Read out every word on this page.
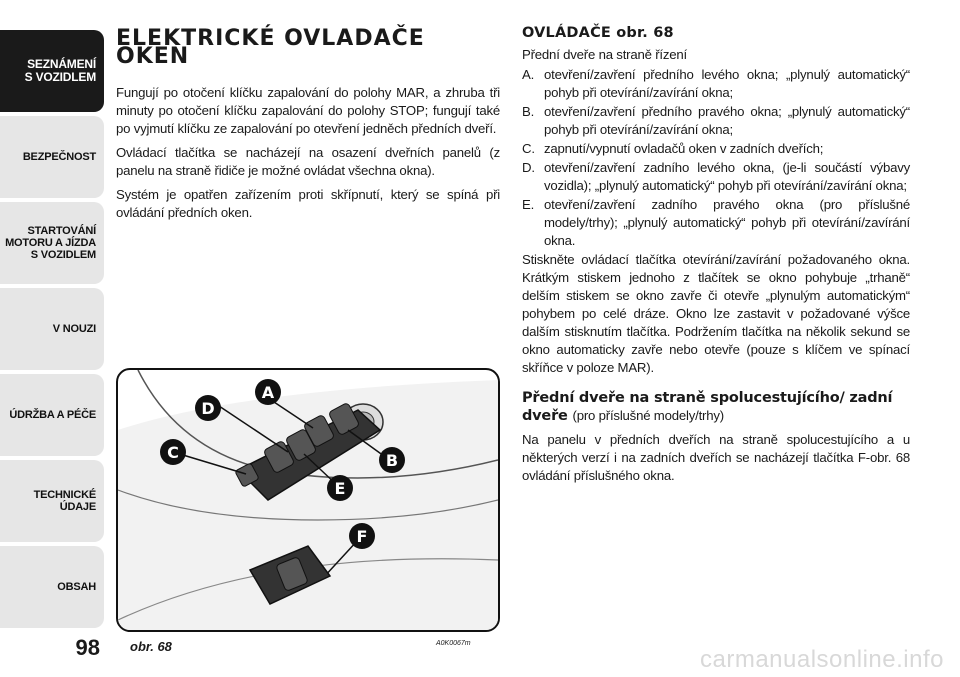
SEZNÁMENÍ
S VOZIDLEM
BEZPEČNOST
STARTOVÁNÍ
MOTORU A JÍZDA
S VOZIDLEM
V NOUZI
ÚDRŽBA A PÉČE
TECHNICKÉ
ÚDAJE
OBSAH
98
ELEKTRICKÉ OVLADAČE OKEN

Fungují po otočení klíčku zapalování do polohy MAR, a zhruba tři minuty po otočení klíčku zapalování do polohy STOP; fungují také po vyjmutí klíčku ze zapalování po otevření jedněch předních dveří.

Ovládací tlačítka se nacházejí na osazení dveřních panelů (z panelu na straně řidiče je možné ovládat všechna okna).

Systém je opatřen zařízením proti skřípnutí, který se spíná při ovládání předních oken.

A
B
C
D
E
F
obr. 68	A0K0067m
OVLÁDAČE obr. 68

Přední dveře na straně řízení

A. otevření/zavření předního levého okna; „plynulý automatický“ pohyb při otevírání/zavírání okna;
B. otevření/zavření předního pravého okna; „plynulý automatický“ pohyb při otevírání/zavírání okna;
C. zapnutí/vypnutí ovladačů oken v zadních dveřích;
D. otevření/zavření zadního levého okna, (je-li součástí výbavy vozidla); „plynulý automatický“ pohyb při otevírání/zavírání okna;
E. otevření/zavření zadního pravého okna (pro příslušné modely/trhy); „plynulý automatický“ pohyb při otevírání/zavírání okna.

Stiskněte ovládací tlačítka otevírání/zavírání požadovaného okna. Krátkým stiskem jednoho z tlačítek se okno pohybuje „trhaně“ delším stiskem se okno zavře či otevře „plynulým automatickým“ pohybem po celé dráze. Okno lze zastavit v požadované výšce dalším stisknutím tlačítka. Podržením tlačítka na několik sekund se okno automaticky zavře nebo otevře (pouze s klíčem ve spínací skříňce v poloze MAR).

Přední dveře na straně spolucestujícího/ zadní dveře (pro příslušné modely/trhy)

Na panelu v předních dveřích na straně spolucestujícího a u některých verzí i na zadních dveřích se nacházejí tlačítka F-obr. 68 ovládání příslušného okna.

carmanualsonline.info
